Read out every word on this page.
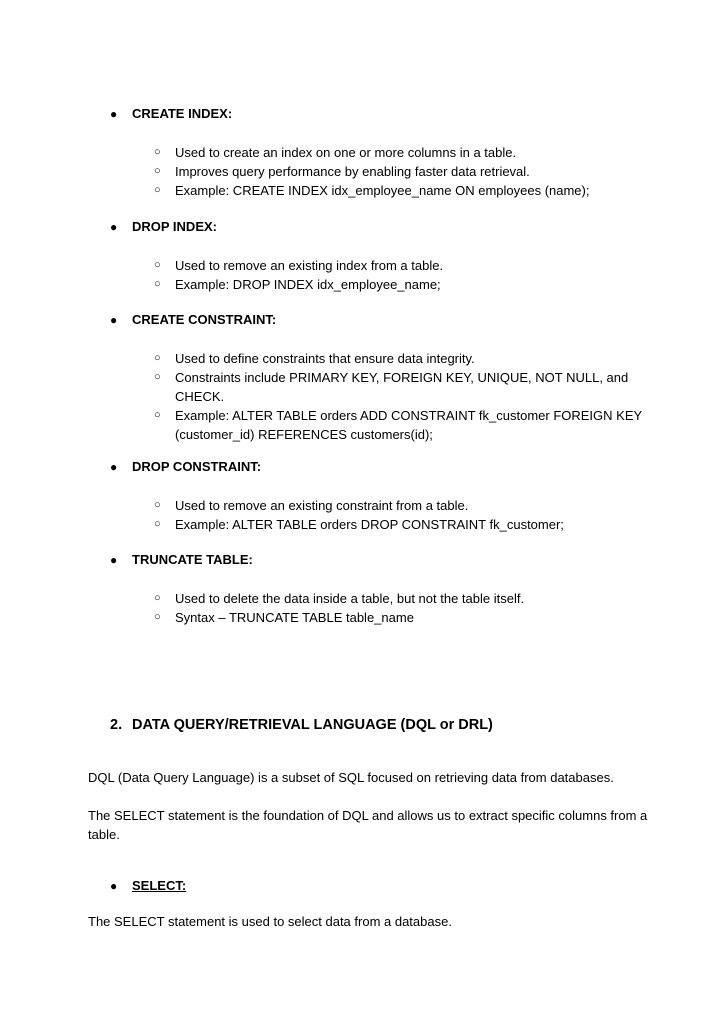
●	CREATE INDEX:
○	Used to create an index on one or more columns in a table.
○	Improves query performance by enabling faster data retrieval.
○	Example: CREATE INDEX idx_employee_name ON employees (name);
●	DROP INDEX:
○	Used to remove an existing index from a table.
○	Example: DROP INDEX idx_employee_name;
●	CREATE CONSTRAINT:
○	Used to define constraints that ensure data integrity.
○	Constraints include PRIMARY KEY, FOREIGN KEY, UNIQUE, NOT NULL, and CHECK.
○	Example: ALTER TABLE orders ADD CONSTRAINT fk_customer FOREIGN KEY (customer_id) REFERENCES customers(id);
●	DROP CONSTRAINT:
○	Used to remove an existing constraint from a table.
○	Example: ALTER TABLE orders DROP CONSTRAINT fk_customer;
●	TRUNCATE TABLE:
○	Used to delete the data inside a table, but not the table itself.
○	Syntax – TRUNCATE TABLE table_name
2. DATA QUERY/RETRIEVAL LANGUAGE (DQL or DRL)
DQL (Data Query Language) is a subset of SQL focused on retrieving data from databases.
The SELECT statement is the foundation of DQL and allows us to extract specific columns from a table.
●	SELECT:
The SELECT statement is used to select data from a database.
